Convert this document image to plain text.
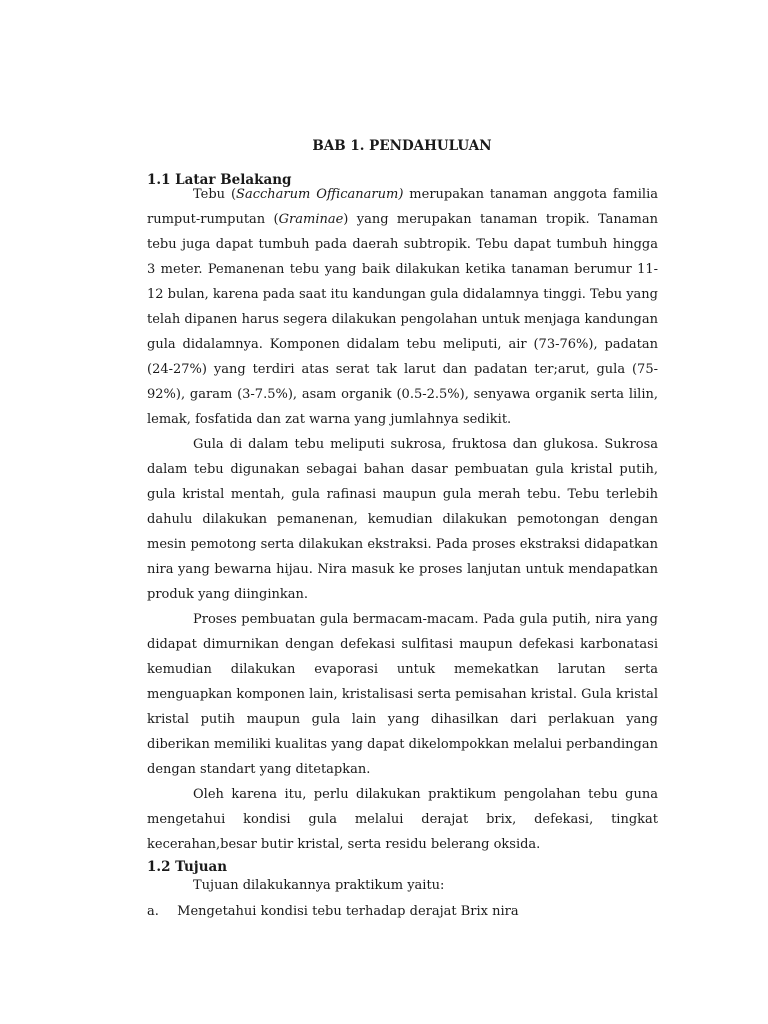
BAB 1. PENDAHULUAN
1.1 Latar Belakang

Tebu (Saccharum Officanarum) merupakan tanaman anggota familia rumput-rumputan (Graminae) yang merupakan tanaman tropik. Tanaman tebu juga dapat tumbuh pada daerah subtropik. Tebu dapat tumbuh hingga 3 meter. Pemanenan tebu yang baik dilakukan ketika tanaman berumur 11-12 bulan, karena pada saat itu kandungan gula didalamnya tinggi. Tebu yang telah dipanen harus segera dilakukan pengolahan untuk menjaga kandungan gula didalamnya. Komponen didalam tebu meliputi, air (73-76%), padatan (24-27%) yang terdiri atas serat tak larut dan padatan ter;arut, gula (75-92%), garam (3-7.5%), asam organik (0.5-2.5%), senyawa organik serta lilin, lemak, fosfatida dan zat warna yang jumlahnya sedikit.

Gula di dalam tebu meliputi sukrosa, fruktosa dan glukosa. Sukrosa dalam tebu digunakan sebagai bahan dasar pembuatan gula kristal putih, gula kristal mentah, gula rafinasi maupun gula merah tebu. Tebu terlebih dahulu dilakukan pemanenan, kemudian dilakukan pemotongan dengan mesin pemotong serta dilakukan ekstraksi. Pada proses ekstraksi didapatkan nira yang bewarna hijau. Nira masuk ke proses lanjutan untuk mendapatkan produk yang diinginkan.

Proses pembuatan gula bermacam-macam. Pada gula putih, nira yang didapat dimurnikan dengan defekasi sulfitasi maupun defekasi karbonatasi kemudian dilakukan evaporasi untuk memekatkan larutan serta menguapkan komponen lain, kristalisasi serta pemisahan kristal. Gula kristal kristal putih maupun gula lain yang dihasilkan dari perlakuan yang diberikan memiliki kualitas yang dapat dikelompokkan melalui perbandingan dengan standart yang ditetapkan.

Oleh karena itu, perlu dilakukan praktikum pengolahan tebu guna mengetahui kondisi gula melalui derajat brix, defekasi, tingkat kecerahan,besar butir kristal, serta residu belerang oksida.

1.2 Tujuan
Tujuan dilakukannya praktikum yaitu:
a. Mengetahui kondisi tebu terhadap derajat Brix nira
